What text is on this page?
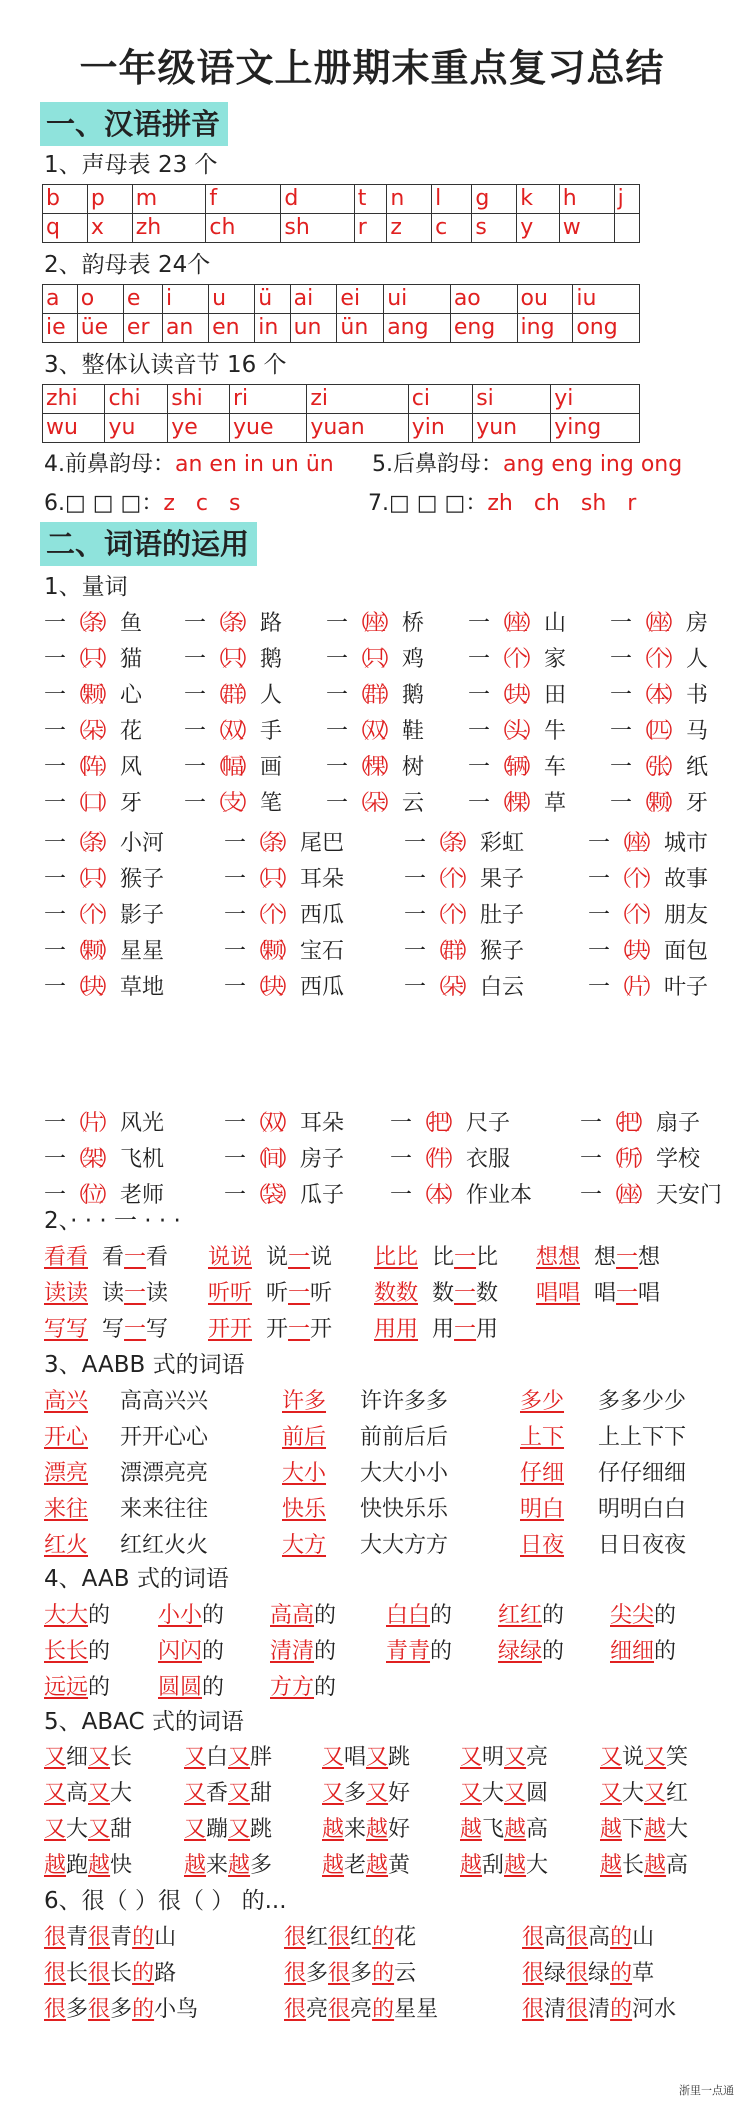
一年级语文上册期末重点复习总结
一、汉语拼音
1、声母表 23 个
b	p	m	f	d	t	n	l	g	k	h	j
q	x	zh	ch	sh	r	z	c	s	y	w	
2、韵母表 24个
a	o	e	i	u	ü	ai	ei	ui	ao	ou	iu
ie	üe	er	an	en	in	un	ün	ang	eng	ing	ong
3、整体认读音节 16 个
zhi	chi	shi	ri	zi	ci	si	yi
wu	yu	ye	yue	yuan	yin	yun	ying
4.前鼻韵母：an en in un ün 5.后鼻韵母：ang eng ing ong
6.□ □ □：z c s	7.□ □ □：zh ch sh r
二、词语的运用
1、量词
一（条） 鱼 一（条） 路 一（座） 桥 一（座） 山 一（座） 房
一（只） 猫 一（只） 鹅 一（只） 鸡 一（个） 家 一（个） 人
一（颗） 心 一（群） 人 一（群） 鹅 一（块） 田 一（本） 书
一（朵） 花 一（双） 手 一（双） 鞋 一（头） 牛 一（匹） 马
一（阵） 风 一（幅） 画 一（棵） 树 一（辆） 车 一（张） 纸
一（口） 牙 一（支） 笔 一（朵） 云 一（棵） 草 一（颗） 牙
一（条） 小河	一（条） 尾巴	一（条） 彩虹	一（座） 城市
一（只） 猴子	一（只） 耳朵	一（个） 果子	一（个） 故事
一（个） 影子	一（个） 西瓜	一（个） 肚子	一（个） 朋友
一（颗） 星星	一（颗） 宝石	一（群） 猴子	一（块） 面包
一（块） 草地	一（块） 西瓜	一（朵） 白云	一（片） 叶子
一（片） 风光	一（双） 耳朵 一（把） 尺子	一（把） 扇子
一（架） 飞机	一（间） 房子 一（件） 衣服	一（所） 学校
一（位） 老师	一（袋） 瓜子 一（本） 作业本 一（座） 天安门
2、· · · 一 · · ·
看看 看一看 说说 说一说 比比 比一比 想想 想一想
读读 读一读 听听 听一听 数数 数一数 唱唱 唱一唱
写写 写一写 开开 开一开 用用 用一用
3、AABB 式的词语
高兴 高高兴兴	许多 许许多多	多少 多多少少
开心 开开心心	前后 前前后后	上下 上上下下
漂亮 漂漂亮亮	大小 大大小小	仔细 仔仔细细
来往 来来往往	快乐 快快乐乐	明白 明明白白
红火 红红火火	大方 大大方方	日夜 日日夜夜
4、AAB 式的词语
大大的 小小的 高高的 白白的 红红的 尖尖的
长长的 闪闪的 清清的 青青的 绿绿的 细细的
远远的 圆圆的 方方的
5、ABAC 式的词语
又细又长 又白又胖 又唱又跳 又明又亮 又说又笑
又高又大 又香又甜 又多又好 又大又圆 又大又红
又大又甜 又蹦又跳 越来越好 越飞越高 越下越大
越跑越快 越来越多 越老越黄 越刮越大 越长越高
6、很（ ）很（ ） 的...
很青很青的山	很红很红的花	很高很高的山
很长很长的路	很多很多的云	很绿很绿的草
很多很多的小鸟	很亮很亮的星星	很清很清的河水
浙里一点通
